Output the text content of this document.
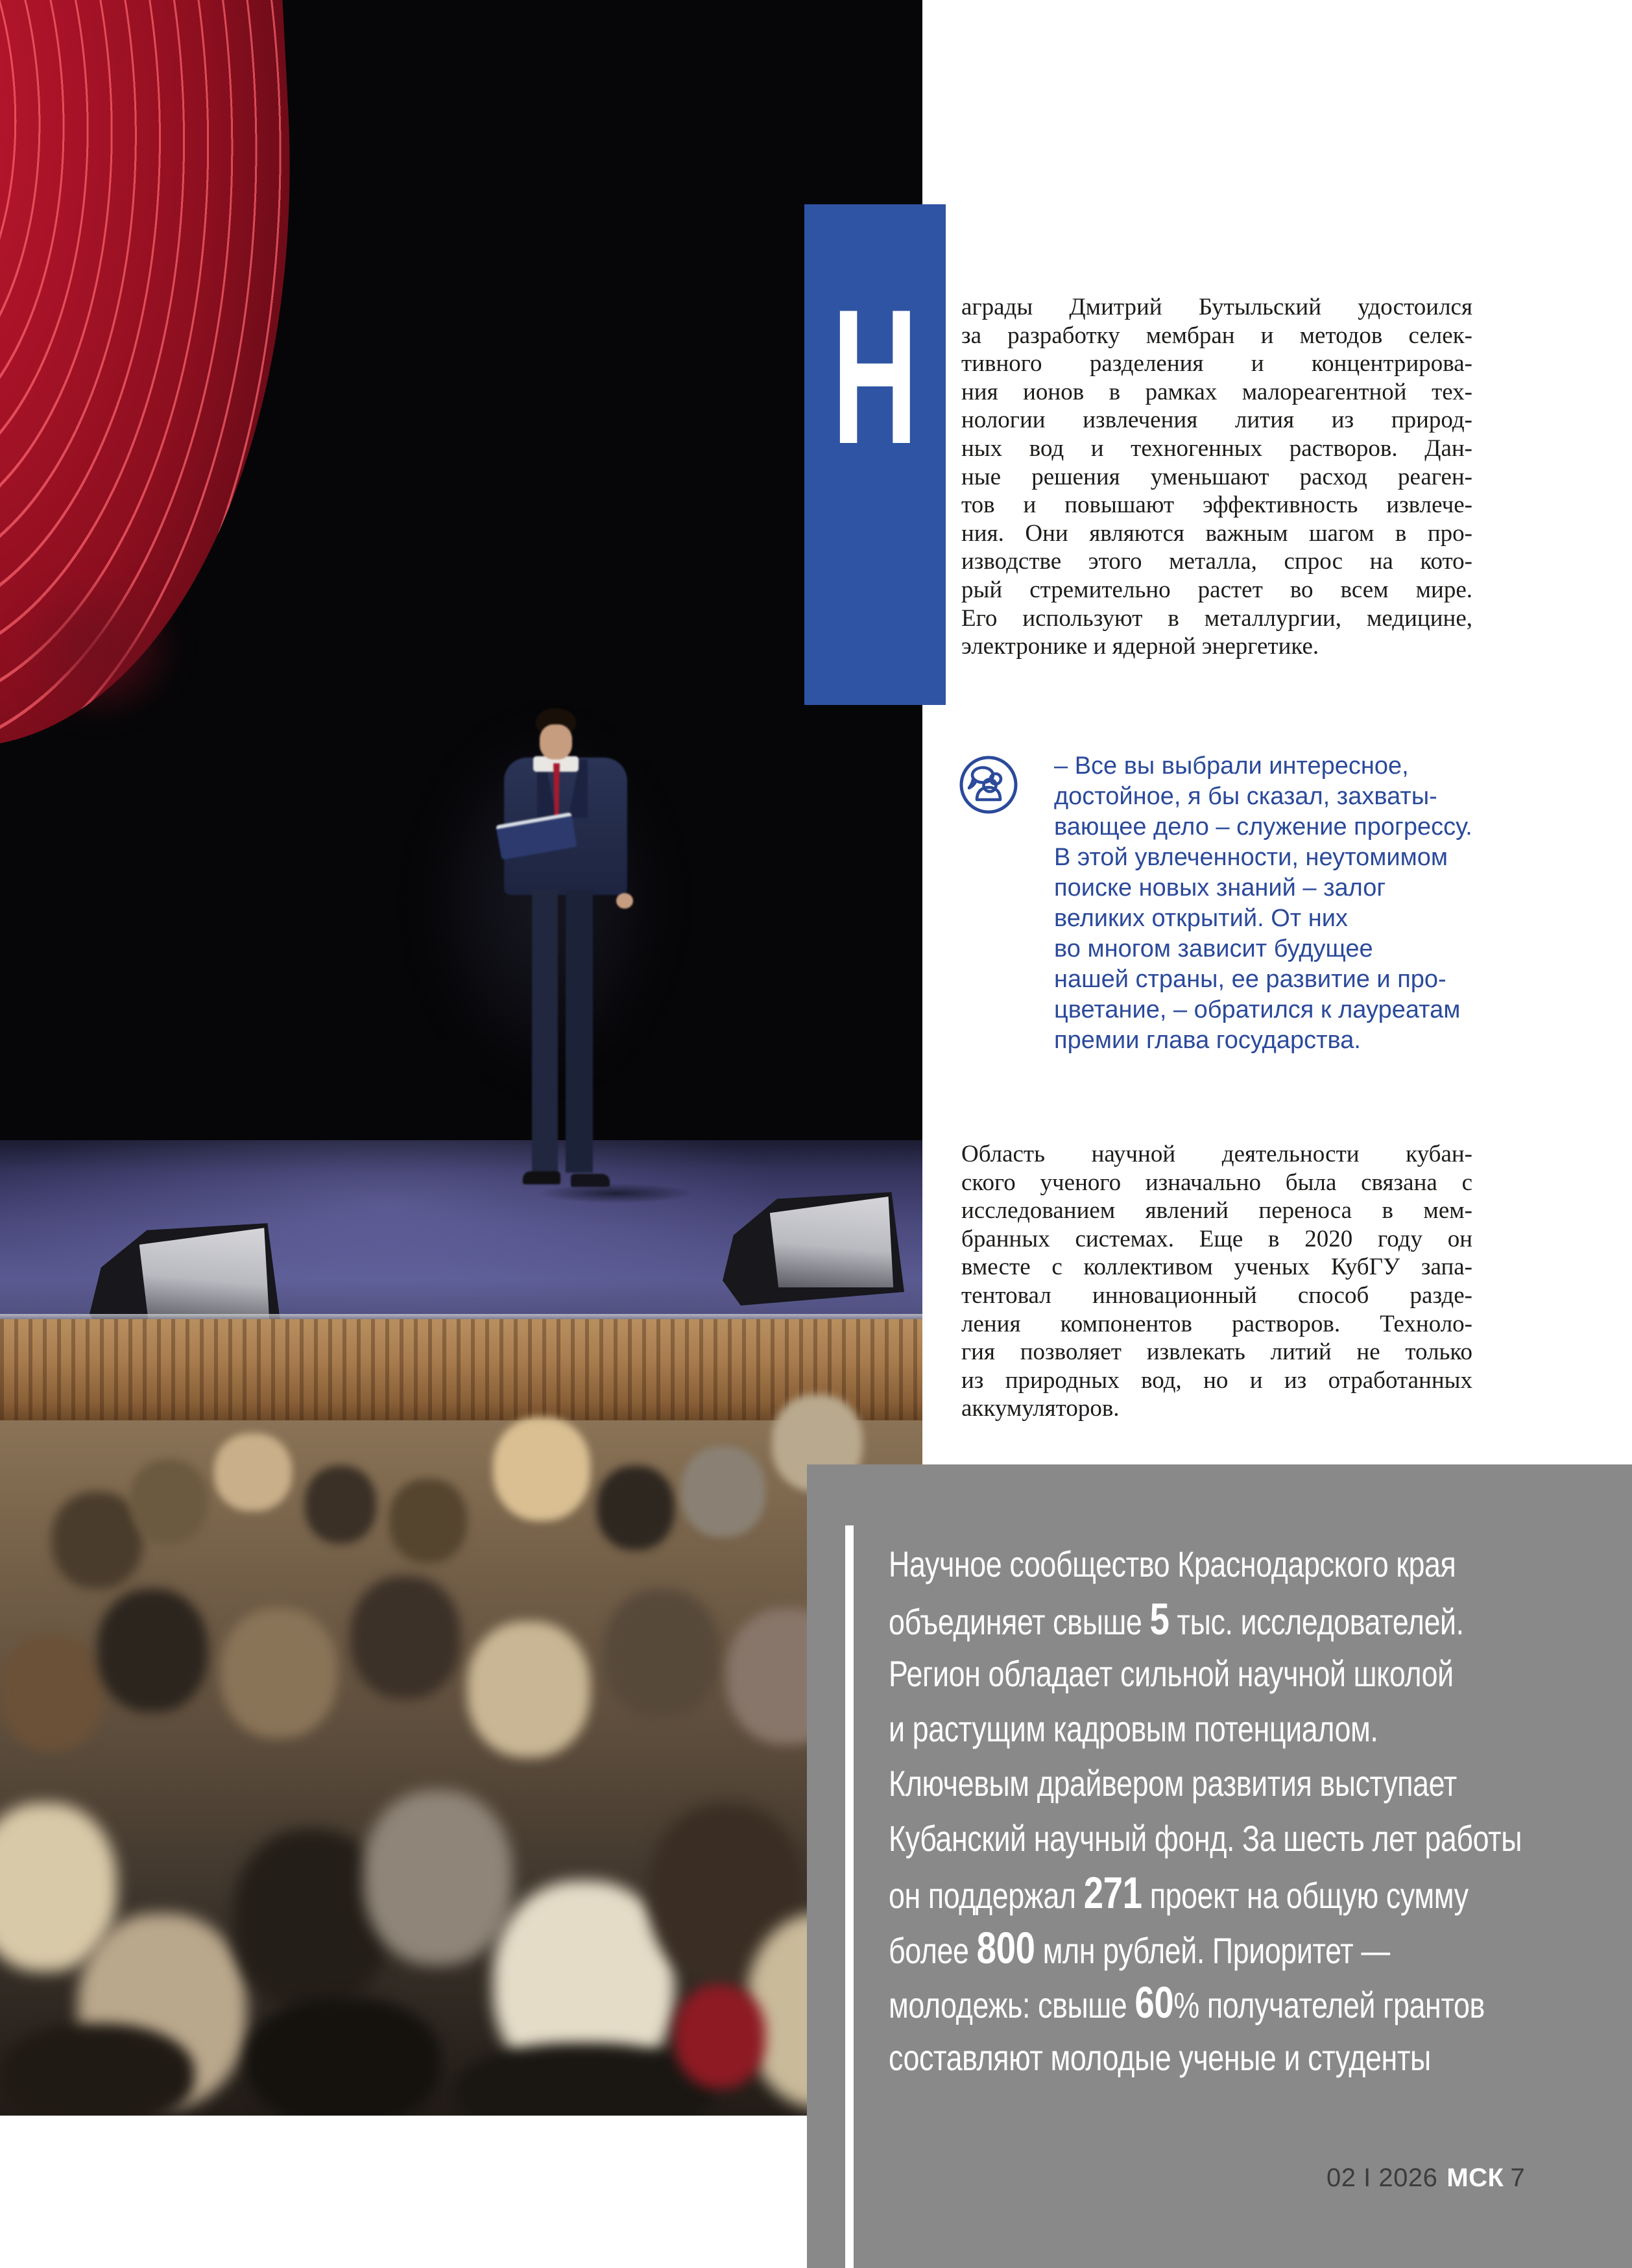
Н аграды Дмитрий Бутыльский удостоился
за разработку мембран и методов селек-
тивного разделения и концентрирова-
ния ионов в рамках малореагентной тех-
нологии извлечения лития из природ-
ных вод и техногенных растворов. Дан-
ные решения уменьшают расход реаген-
тов и повышают эффективность извлече-
ния. Они являются важным шагом в про-
изводстве этого металла, спрос на кото-
рый стремительно растет во всем мире.
Его используют в металлургии, медицине,
электронике и ядерной энергетике.
– Все вы выбрали интересное,
достойное, я бы сказал, захваты-
вающее дело – служение прогрессу.
В этой увлеченности, неутомимом
поиске новых знаний – залог
великих открытий. От них
во многом зависит будущее
нашей страны, ее развитие и про-
цветание, – обратился к лауреатам
премии глава государства.
Область научной деятельности кубан-
ского ученого изначально была связана с
исследованием явлений переноса в мем-
бранных системах. Еще в 2020 году он
вместе с коллективом ученых КубГУ запа-
тентовал инновационный способ разде-
ления компонентов растворов. Техноло-
гия позволяет извлекать литий не только
из природных вод, но и из отработанных
аккумуляторов.
Научное сообщество Краснодарского края
объединяет свыше 5 тыс. исследователей.
Регион обладает сильной научной школой
и растущим кадровым потенциалом.
Ключевым драйвером развития выступает
Кубанский научный фонд. За шесть лет работы
он поддержал 271 проект на общую сумму
более 800 млн рублей. Приоритет —
молодежь: свыше 60% получателей грантов
составляют молодые ученые и студенты
02 I 2026 МСК 7
